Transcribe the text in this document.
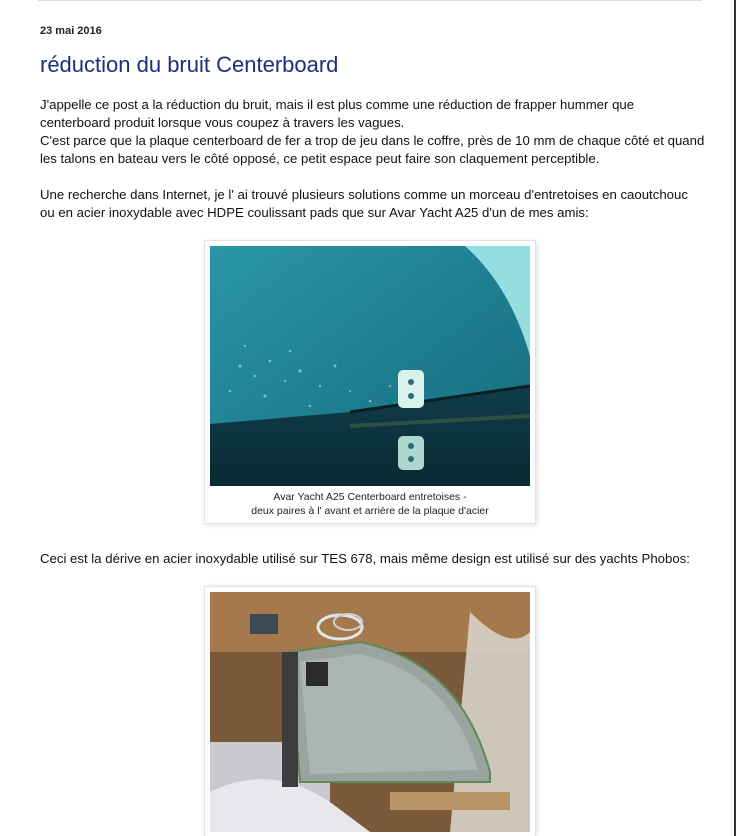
23 mai 2016
réduction du bruit Centerboard
J'appelle ce post a la réduction du bruit, mais il est plus comme une réduction de frapper hummer que centerboard produit lorsque vous coupez à travers les vagues.
C'est parce que la plaque centerboard de fer a trop de jeu dans le coffre, près de 10 mm de chaque côté et quand les talons en bateau vers le côté opposé, ce petit espace peut faire son claquement perceptible.
Une recherche dans Internet, je l' ai trouvé plusieurs solutions comme un morceau d'entretoises en caoutchouc ou en acier inoxydable avec HDPE coulissant pads que sur Avar Yacht A25 d'un de mes amis:
Avar Yacht A25 Centerboard entretoises -
deux paires à l' avant et arrière de la plaque d'acier
Ceci est la dérive en acier inoxydable utilisé sur TES 678, mais même design est utilisé sur des yachts Phobos:
